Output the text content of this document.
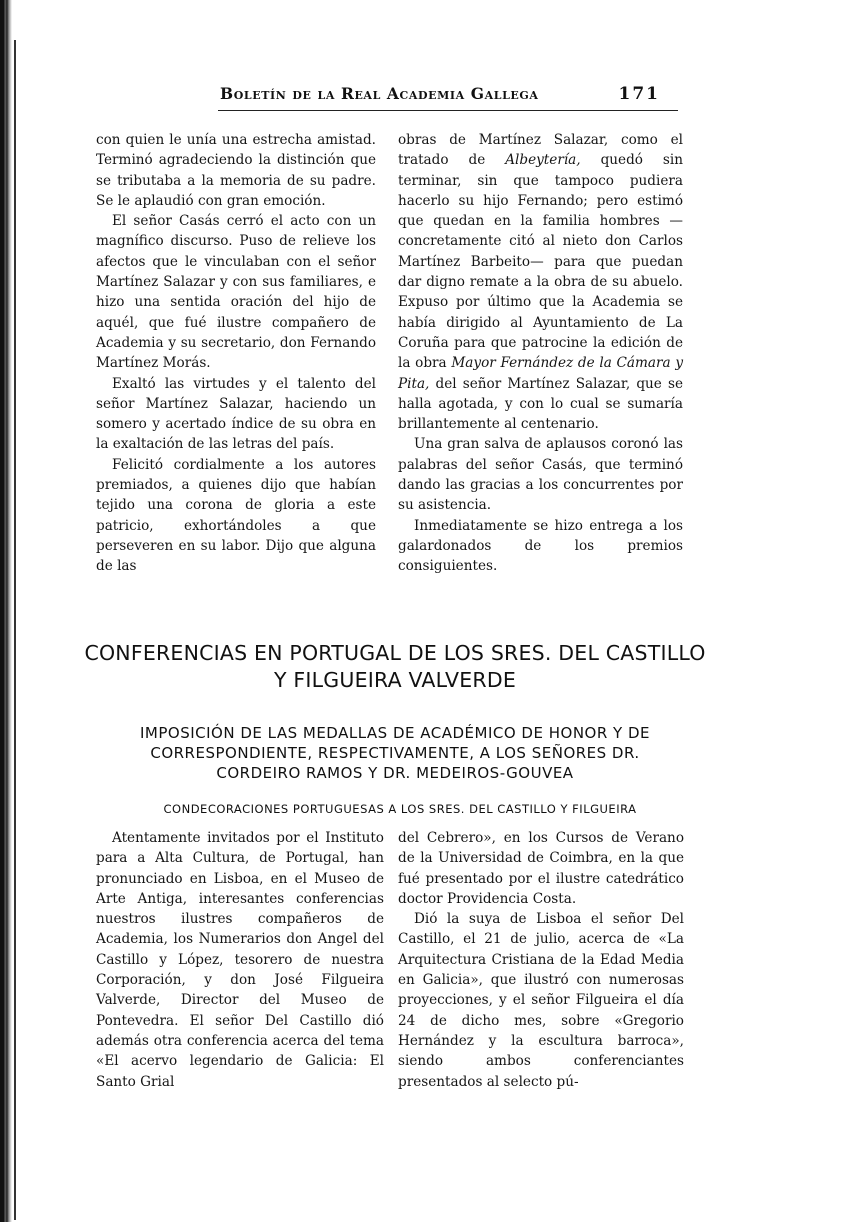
Boletín de la Real Academia Gallega	171

con quien le unía una estrecha amistad. Terminó agradeciendo la distinción que se tributaba a la memoria de su padre. Se le aplaudió con gran emoción.

El señor Casás cerró el acto con un magnífico discurso. Puso de relieve los afectos que le vinculaban con el señor Martínez Salazar y con sus familiares, e hizo una sentida oración del hijo de aquél, que fué ilustre compañero de Academia y su secretario, don Fernando Martínez Morás.

Exaltó las virtudes y el talento del señor Martínez Salazar, haciendo un somero y acertado índice de su obra en la exaltación de las letras del país.

Felicitó cordialmente a los autores premiados, a quienes dijo que habían tejido una corona de gloria a este patricio, exhortándoles a que perseveren en su labor. Dijo que alguna de las

obras de Martínez Salazar, como el tratado de Albeytería, quedó sin terminar, sin que tampoco pudiera hacerlo su hijo Fernando; pero estimó que quedan en la familia hombres —concretamente citó al nieto don Carlos Martínez Barbeito— para que puedan dar digno remate a la obra de su abuelo. Expuso por último que la Academia se había dirigido al Ayuntamiento de La Coruña para que patrocine la edición de la obra Mayor Fernández de la Cámara y Pita, del señor Martínez Salazar, que se halla agotada, y con lo cual se sumaría brillantemente al centenario.

Una gran salva de aplausos coronó las palabras del señor Casás, que terminó dando las gracias a los concurrentes por su asistencia.

Inmediatamente se hizo entrega a los galardonados de los premios consiguientes.

CONFERENCIAS EN PORTUGAL DE LOS SRES. DEL CASTILLO Y FILGUEIRA VALVERDE
IMPOSICIÓN DE LAS MEDALLAS DE ACADÉMICO DE HONOR Y DE CORRESPONDIENTE, RESPECTIVAMENTE, A LOS SEÑORES DR. CORDEIRO RAMOS Y DR. MEDEIROS-GOUVEA
CONDECORACIONES PORTUGUESAS A LOS SRES. DEL CASTILLO Y FILGUEIRA

Atentamente invitados por el Instituto para a Alta Cultura, de Portugal, han pronunciado en Lisboa, en el Museo de Arte Antiga, interesantes conferencias nuestros ilustres compañeros de Academia, los Numerarios don Angel del Castillo y López, tesorero de nuestra Corporación, y don José Filgueira Valverde, Director del Museo de Pontevedra. El señor Del Castillo dió además otra conferencia acerca del tema «El acervo legendario de Galicia: El Santo Grial

del Cebrero», en los Cursos de Verano de la Universidad de Coimbra, en la que fué presentado por el ilustre catedrático doctor Providencia Costa.

Dió la suya de Lisboa el señor Del Castillo, el 21 de julio, acerca de «La Arquitectura Cristiana de la Edad Media en Galicia», que ilustró con numerosas proyecciones, y el señor Filgueira el día 24 de dicho mes, sobre «Gregorio Hernández y la escultura barroca», siendo ambos conferenciantes presentados al selecto pú-
